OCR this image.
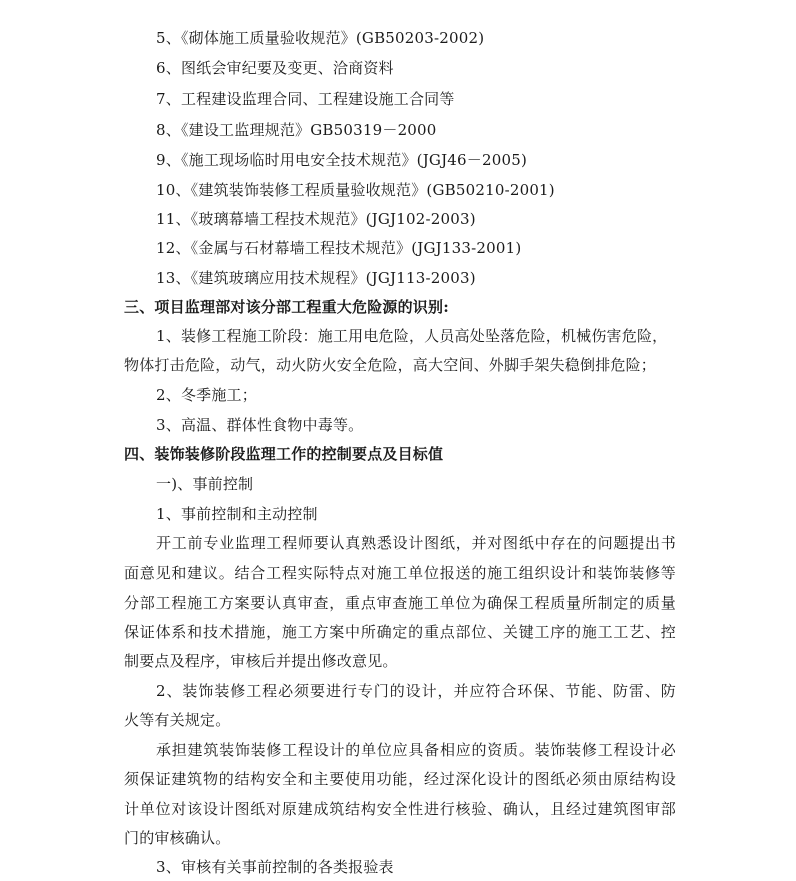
5、《砌体施工质量验收规范》(GB50203-2002)
6、图纸会审纪要及变更、洽商资料
7、工程建设监理合同、工程建设施工合同等
8、《建设工监理规范》GB50319－2000
9、《施工现场临时用电安全技术规范》(JGJ46－2005)
10、《建筑装饰装修工程质量验收规范》(GB50210-2001)
11、《玻璃幕墙工程技术规范》(JGJ102-2003)
12、《金属与石材幕墙工程技术规范》(JGJ133-2001)
13、《建筑玻璃应用技术规程》(JGJ113-2003)
三、项目监理部对该分部工程重大危险源的识别:
1、装修工程施工阶段：施工用电危险，人员高处坠落危险，机械伤害危险，
物体打击危险，动气，动火防火安全危险，高大空间、外脚手架失稳倒排危险；
2、冬季施工；
3、高温、群体性食物中毒等。
四、装饰装修阶段监理工作的控制要点及目标值
一)、事前控制
1、事前控制和主动控制
开工前专业监理工程师要认真熟悉设计图纸，并对图纸中存在的问题提出书
面意见和建议。结合工程实际特点对施工单位报送的施工组织设计和装饰装修等
分部工程施工方案要认真审查，重点审查施工单位为确保工程质量所制定的质量
保证体系和技术措施，施工方案中所确定的重点部位、关键工序的施工工艺、控
制要点及程序，审核后并提出修改意见。
2、装饰装修工程必须要进行专门的设计，并应符合环保、节能、防雷、防
火等有关规定。
承担建筑装饰装修工程设计的单位应具备相应的资质。装饰装修工程设计必
须保证建筑物的结构安全和主要使用功能，经过深化设计的图纸必须由原结构设
计单位对该设计图纸对原建成筑结构安全性进行核验、确认，且经过建筑图审部
门的审核确认。
3、审核有关事前控制的各类报验表
